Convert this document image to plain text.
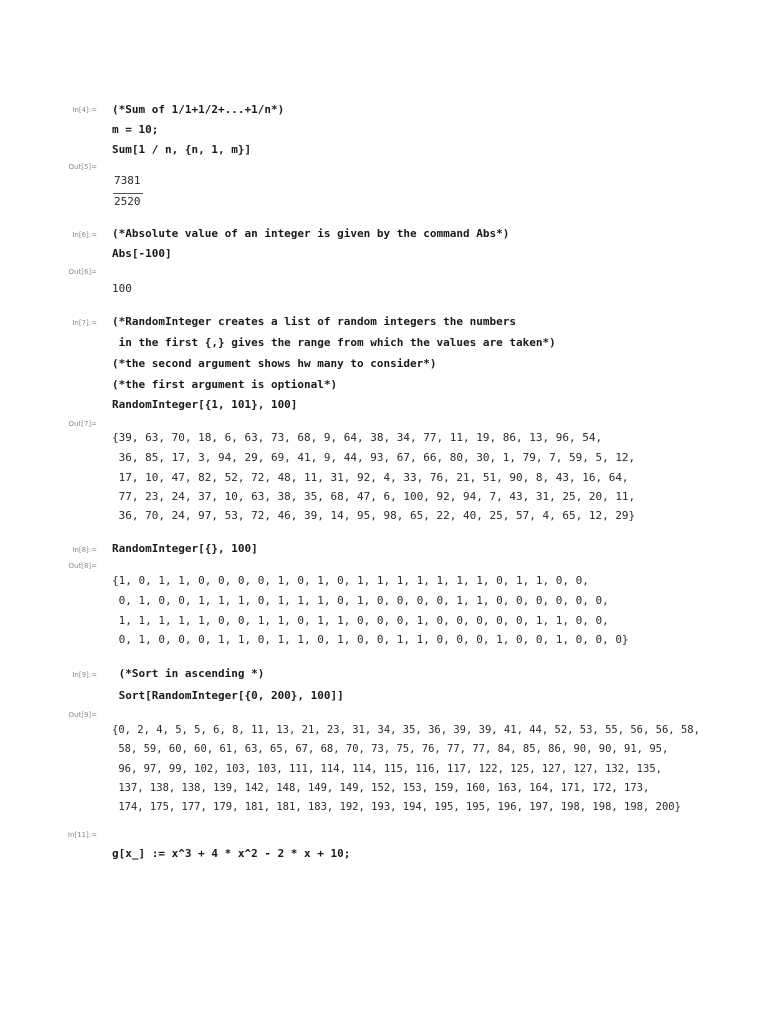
In[4]:= (*Sum of 1/1+1/2+...+1/n*)
m = 10;
Sum[1 / n, {n, 1, m}]
Out[5]=
7381
2520
In[6]:= (*Absolute value of an integer is given by the command Abs*)
Abs[-100]
Out[6]=
100
In[7]:= (*RandomInteger creates a list of random integers the numbers
in the first {,} gives the range from which the values are taken*)
(*the second argument shows hw many to consider*)
(*the first argument is optional*)
RandomInteger[{1, 101}, 100]
Out[7]=
{39, 63, 70, 18, 6, 63, 73, 68, 9, 64, 38, 34, 77, 11, 19, 86, 13, 96, 54,
36, 85, 17, 3, 94, 29, 69, 41, 9, 44, 93, 67, 66, 80, 30, 1, 79, 7, 59, 5, 12,
17, 10, 47, 82, 52, 72, 48, 11, 31, 92, 4, 33, 76, 21, 51, 90, 8, 43, 16, 64,
77, 23, 24, 37, 10, 63, 38, 35, 68, 47, 6, 100, 92, 94, 7, 43, 31, 25, 20, 11,
36, 70, 24, 97, 53, 72, 46, 39, 14, 95, 98, 65, 22, 40, 25, 57, 4, 65, 12, 29}
In[8]:= RandomInteger[{}, 100]
Out[8]=
{1, 0, 1, 1, 0, 0, 0, 0, 1, 0, 1, 0, 1, 1, 1, 1, 1, 1, 1, 0, 1, 1, 0, 0,
0, 1, 0, 0, 1, 1, 1, 0, 1, 1, 1, 0, 1, 0, 0, 0, 0, 1, 1, 0, 0, 0, 0, 0, 0,
1, 1, 1, 1, 1, 0, 0, 1, 1, 0, 1, 1, 0, 0, 0, 1, 0, 0, 0, 0, 0, 1, 1, 0, 0,
0, 1, 0, 0, 0, 1, 1, 0, 1, 1, 0, 1, 0, 0, 1, 1, 0, 0, 0, 1, 0, 0, 1, 0, 0, 0}
In[9]:= (*Sort in ascending *)
Sort[RandomInteger[{0, 200}, 100]]
Out[9]=
{0, 2, 4, 5, 5, 6, 8, 11, 13, 21, 23, 31, 34, 35, 36, 39, 39, 41, 44, 52, 53, 55, 56, 56, 58,
58, 59, 60, 60, 61, 63, 65, 67, 68, 70, 73, 75, 76, 77, 77, 84, 85, 86, 90, 90, 91, 95,
96, 97, 99, 102, 103, 103, 111, 114, 114, 115, 116, 117, 122, 125, 127, 127, 132, 135,
137, 138, 138, 139, 142, 148, 149, 149, 152, 153, 159, 160, 163, 164, 171, 172, 173,
174, 175, 177, 179, 181, 181, 183, 192, 193, 194, 195, 195, 196, 197, 198, 198, 198, 200}
In[11]:=
g[x_] := x^3 + 4 * x^2 - 2 * x + 10;
